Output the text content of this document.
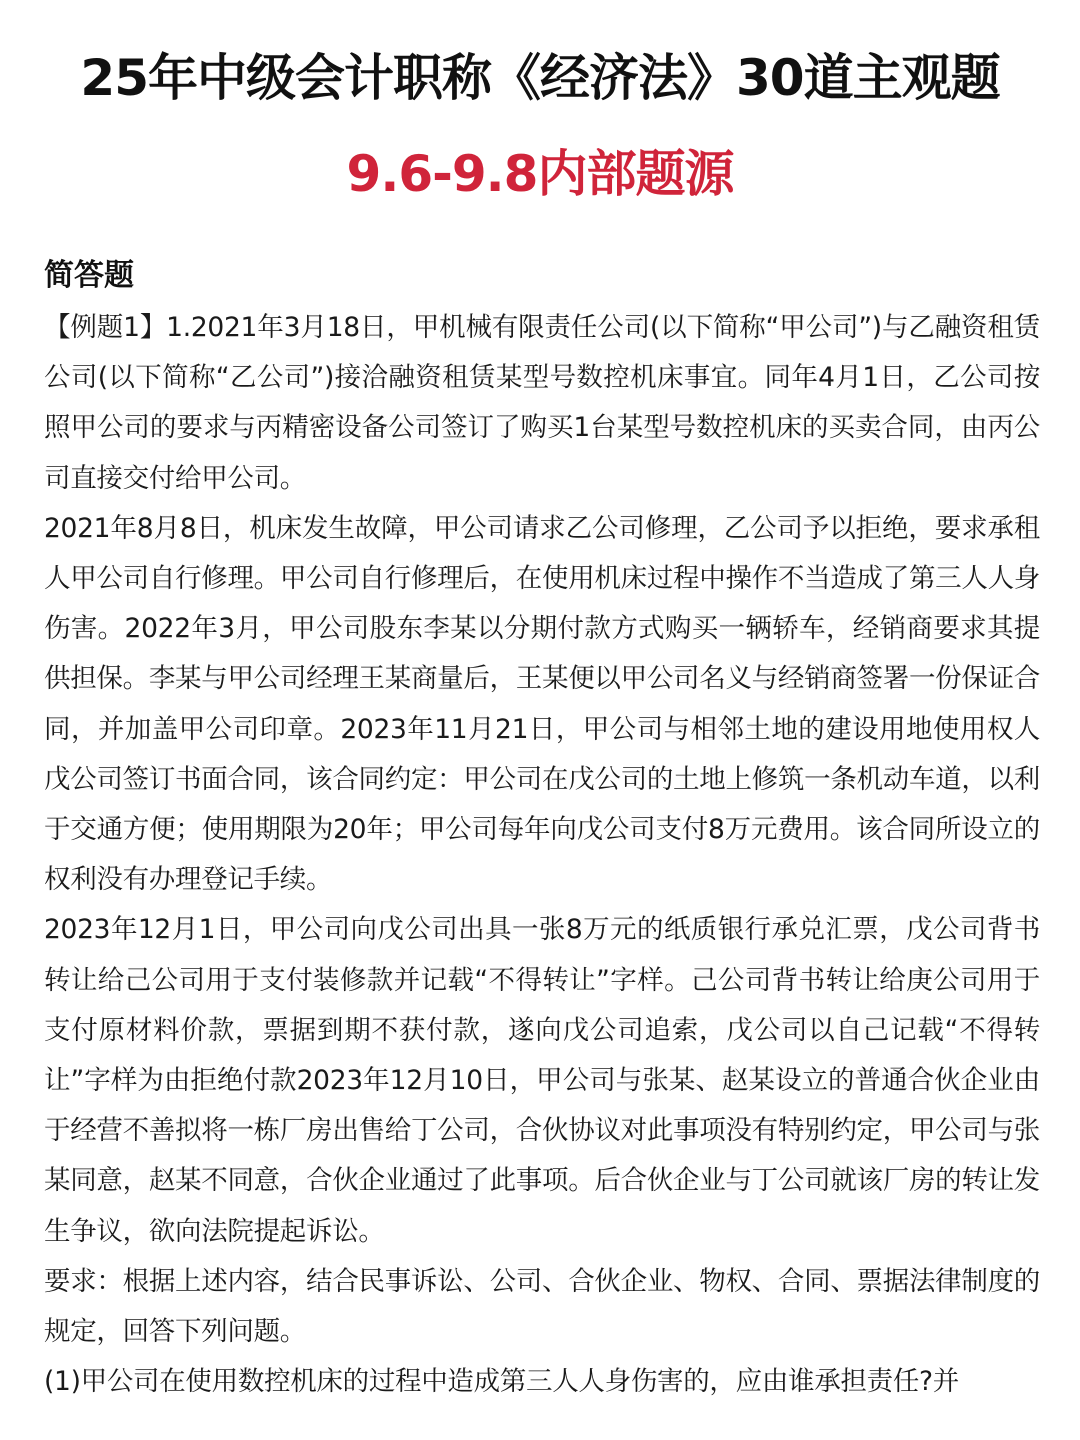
25年中级会计职称《经济法》30道主观题
9.6-9.8内部题源
简答题

【例题1】1.2021年3月18日，甲机械有限责任公司(以下简称“甲公司”)与乙融资租赁公司(以下简称“乙公司”)接洽融资租赁某型号数控机床事宜。同年4月1日，乙公司按照甲公司的要求与丙精密设备公司签订了购买1台某型号数控机床的买卖合同，由丙公司直接交付给甲公司。

2021年8月8日，机床发生故障，甲公司请求乙公司修理，乙公司予以拒绝，要求承租人甲公司自行修理。甲公司自行修理后，在使用机床过程中操作不当造成了第三人人身伤害。2022年3月，甲公司股东李某以分期付款方式购买一辆轿车，经销商要求其提供担保。李某与甲公司经理王某商量后，王某便以甲公司名义与经销商签署一份保证合同，并加盖甲公司印章。2023年11月21日，甲公司与相邻土地的建设用地使用权人戊公司签订书面合同，该合同约定：甲公司在戊公司的土地上修筑一条机动车道，以利于交通方便；使用期限为20年；甲公司每年向戊公司支付8万元费用。该合同所设立的权利没有办理登记手续。

2023年12月1日，甲公司向戊公司出具一张8万元的纸质银行承兑汇票，戊公司背书转让给己公司用于支付装修款并记载“不得转让”字样。己公司背书转让给庚公司用于支付原材料价款，票据到期不获付款，遂向戊公司追索，戊公司以自己记载“不得转让”字样为由拒绝付款2023年12月10日，甲公司与张某、赵某设立的普通合伙企业由于经营不善拟将一栋厂房出售给丁公司，合伙协议对此事项没有特别约定，甲公司与张某同意，赵某不同意，合伙企业通过了此事项。后合伙企业与丁公司就该厂房的转让发生争议，欲向法院提起诉讼。

要求：根据上述内容，结合民事诉讼、公司、合伙企业、物权、合同、票据法律制度的规定，回答下列问题。

(1)甲公司在使用数控机床的过程中造成第三人人身伤害的，应由谁承担责任?并
